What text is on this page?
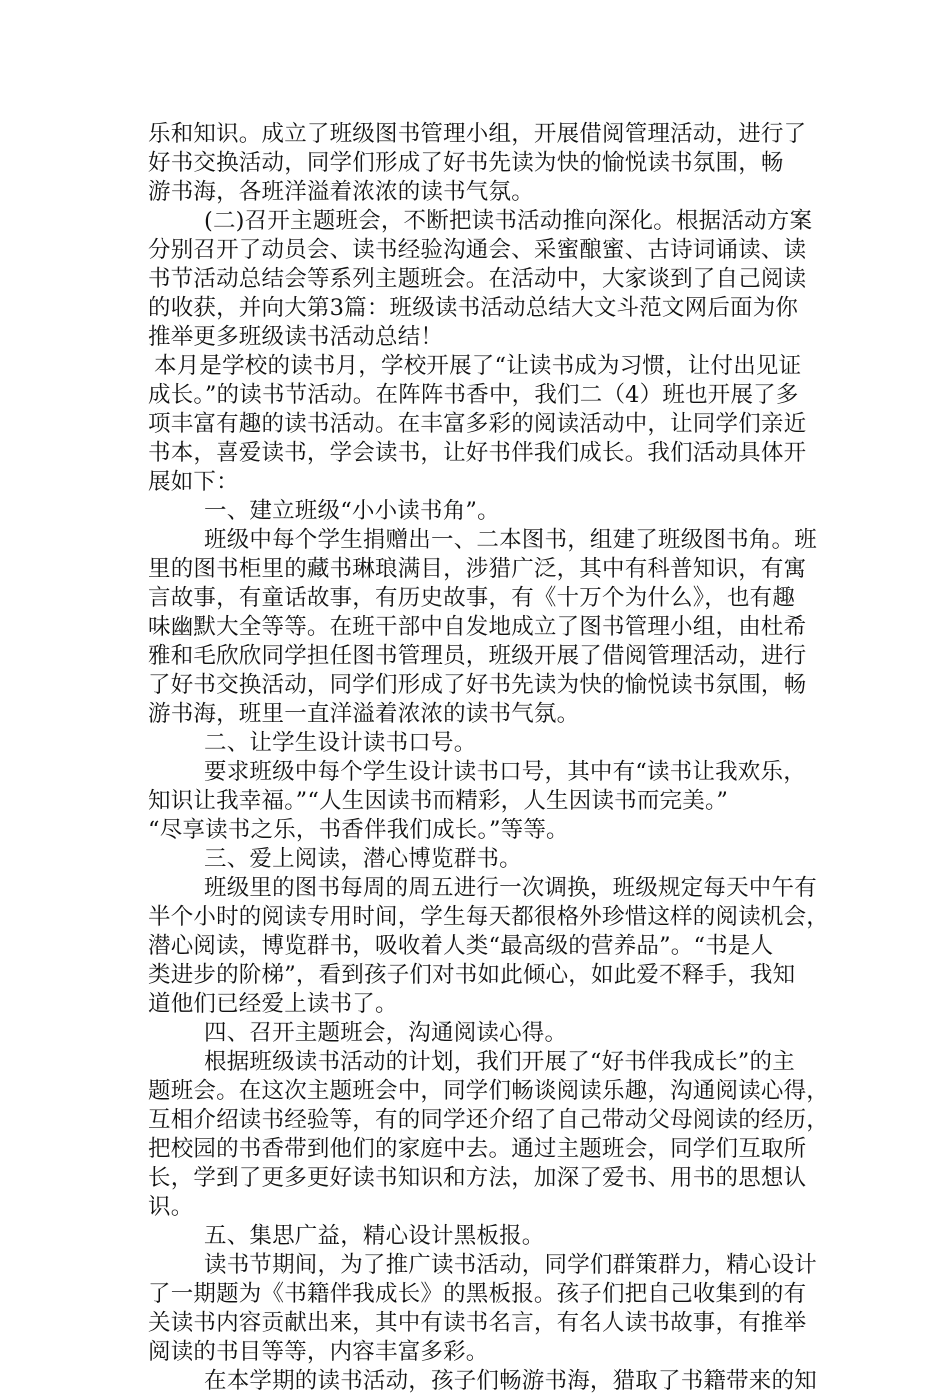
乐和知识。成立了班级图书管理小组，开展借阅管理活动，进行了
好书交换活动，同学们形成了好书先读为快的愉悦读书氛围，畅
游书海，各班洋溢着浓浓的读书气氛。
(二)召开主题班会，不断把读书活动推向深化。根据活动方案
分别召开了动员会、读书经验沟通会、采蜜酿蜜、古诗词诵读、读
书节活动总结会等系列主题班会。在活动中，大家谈到了自己阅读
的收获，并向大第3篇：班级读书活动总结大文斗范文网后面为你
推举更多班级读书活动总结！
本月是学校的读书月，学校开展了“让读书成为习惯，让付出见证
成长。”的读书节活动。在阵阵书香中，我们二（4）班也开展了多
项丰富有趣的读书活动。在丰富多彩的阅读活动中，让同学们亲近
书本，喜爱读书，学会读书，让好书伴我们成长。我们活动具体开
展如下：
一、建立班级“小小读书角”。
班级中每个学生捐赠出一、二本图书，组建了班级图书角。班
里的图书柜里的藏书琳琅满目，涉猎广泛，其中有科普知识，有寓
言故事，有童话故事，有历史故事，有《十万个为什么》，也有趣
味幽默大全等等。在班干部中自发地成立了图书管理小组，由杜希
雅和毛欣欣同学担任图书管理员，班级开展了借阅管理活动，进行
了好书交换活动，同学们形成了好书先读为快的愉悦读书氛围，畅
游书海，班里一直洋溢着浓浓的读书气氛。
二、让学生设计读书口号。
要求班级中每个学生设计读书口号，其中有“读书让我欢乐，
知识让我幸福。”“人生因读书而精彩，人生因读书而完美。”
“尽享读书之乐，书香伴我们成长。”等等。
三、爱上阅读，潜心博览群书。
班级里的图书每周的周五进行一次调换，班级规定每天中午有
半个小时的阅读专用时间，学生每天都很格外珍惜这样的阅读机会，
潜心阅读，博览群书，吸收着人类“最高级的营养品”。“书是人
类进步的阶梯”，看到孩子们对书如此倾心，如此爱不释手，我知
道他们已经爱上读书了。
四、召开主题班会，沟通阅读心得。
根据班级读书活动的计划，我们开展了“好书伴我成长”的主
题班会。在这次主题班会中，同学们畅谈阅读乐趣，沟通阅读心得，
互相介绍读书经验等，有的同学还介绍了自己带动父母阅读的经历，
把校园的书香带到他们的家庭中去。通过主题班会，同学们互取所
长，学到了更多更好读书知识和方法，加深了爱书、用书的思想认
识。
五、集思广益，精心设计黑板报。
读书节期间，为了推广读书活动，同学们群策群力，精心设计
了一期题为《书籍伴我成长》的黑板报。孩子们把自己收集到的有
关读书内容贡献出来，其中有读书名言，有名人读书故事，有推举
阅读的书目等等，内容丰富多彩。
在本学期的读书活动，孩子们畅游书海，猎取了书籍带来的知
